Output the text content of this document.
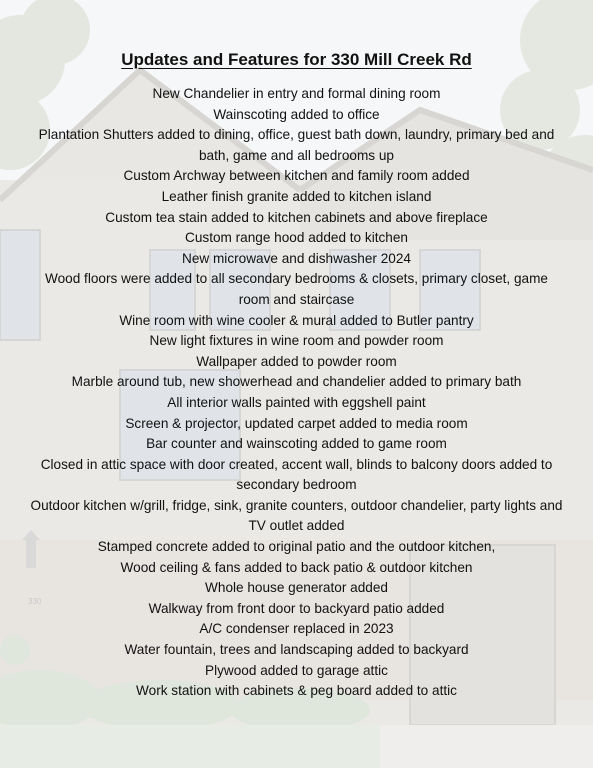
330
Updates and Features for 330 Mill Creek Rd
New Chandelier in entry and formal dining room
Wainscoting added to office
Plantation Shutters added to dining, office, guest bath down, laundry, primary bed and bath, game and all bedrooms up
Custom Archway between kitchen and family room added
Leather finish granite added to kitchen island
Custom tea stain added to kitchen cabinets and above fireplace
Custom range hood added to kitchen
New microwave and dishwasher 2024
Wood floors were added to all secondary bedrooms & closets, primary closet, game room and staircase
Wine room with wine cooler & mural added to Butler pantry
New light fixtures in wine room and powder room
Wallpaper added to powder room
Marble around tub, new showerhead and chandelier added to primary bath
All interior walls painted with eggshell paint
Screen & projector, updated carpet added to media room
Bar counter and wainscoting added to game room
Closed in attic space with door created, accent wall, blinds to balcony doors added to secondary bedroom
Outdoor kitchen w/grill, fridge, sink, granite counters, outdoor chandelier, party lights and TV outlet added
Stamped concrete added to original patio and the outdoor kitchen,
Wood ceiling & fans added to back patio & outdoor kitchen
Whole house generator added
Walkway from front door to backyard patio added
A/C condenser replaced in 2023
Water fountain, trees and landscaping added to backyard
Plywood added to garage attic
Work station with cabinets & peg board added to attic
